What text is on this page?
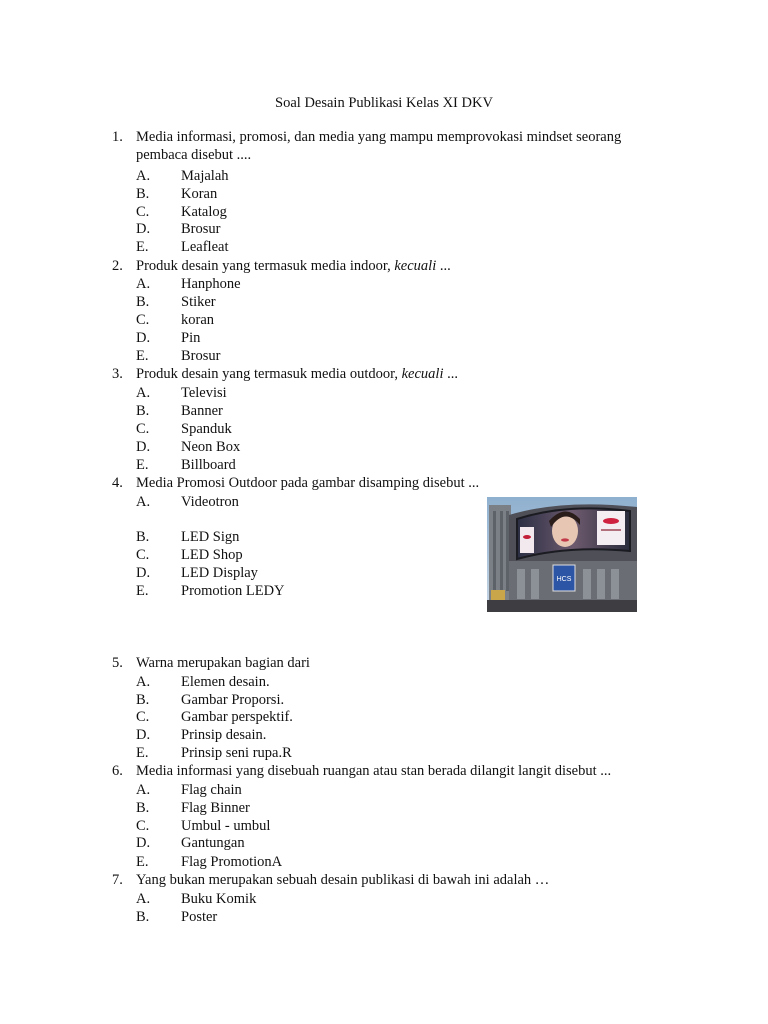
Soal Desain Publikasi Kelas XI DKV
1. Media informasi, promosi, dan media yang mampu memprovokasi mindset seorang pembaca disebut ....
A. Majalah
B. Koran
C. Katalog
D. Brosur
E. Leafleat
2. Produk desain yang termasuk media indoor, kecuali ...
A. Hanphone
B. Stiker
C. koran
D. Pin
E. Brosur
3. Produk desain yang termasuk media outdoor, kecuali ...
A. Televisi
B. Banner
C. Spanduk
D. Neon Box
E. Billboard
4. Media Promosi Outdoor pada gambar disamping disebut ...
A. Videotron
B. LED Sign
C. LED Shop
D. LED Display
E. Promotion LEDY
HCS
5. Warna merupakan bagian dari
A. Elemen desain.
B. Gambar Proporsi.
C. Gambar perspektif.
D. Prinsip desain.
E. Prinsip seni rupa.R
6. Media informasi yang disebuah ruangan atau stan berada dilangit langit disebut ...
A. Flag chain
B. Flag Binner
C. Umbul - umbul
D. Gantungan
E. Flag PromotionA
7. Yang bukan merupakan sebuah desain publikasi di bawah ini adalah …
A. Buku Komik
B. Poster
